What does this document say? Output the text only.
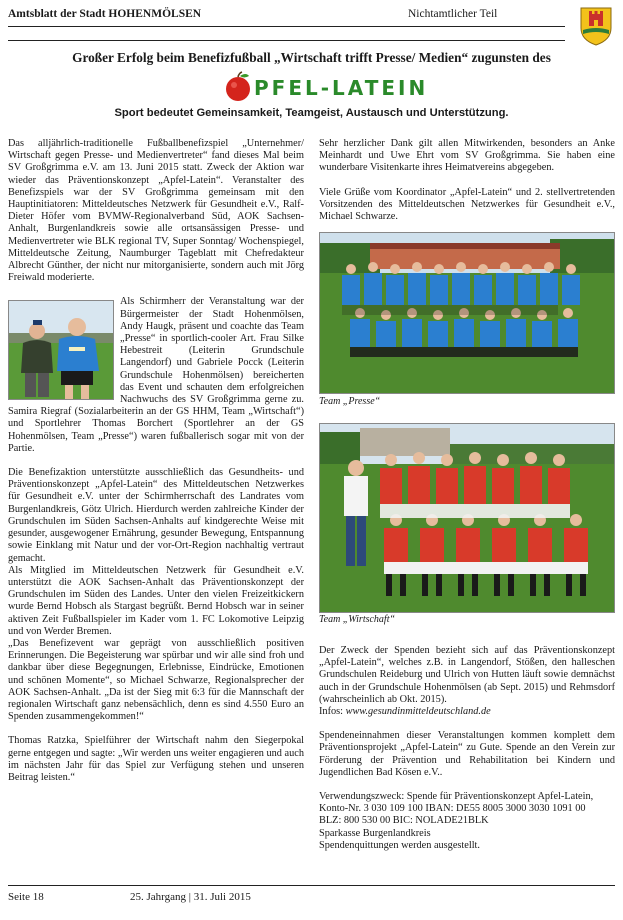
Amtsblatt der Stadt HOHENMÖLSEN	Nichtamtlicher Teil
Großer Erfolg beim Benefizfußball „Wirtschaft trifft Presse/ Medien“ zugunsten des
PFEL-LATEIN
Sport bedeutet Gemeinsamkeit, Teamgeist, Austausch und Unterstützung.

Das alljährlich-traditionelle Fußballbenefizspiel „Unternehmer/ Wirtschaft gegen Presse- und Medienvertreter“ fand dieses Mal beim SV Großgrimma e.V. am 13. Juni 2015 statt. Zweck der Aktion war wieder das Präventionskonzept „Apfel-Latein“. Veranstalter des Benefizspiels war der SV Großgrimma gemeinsam mit den Hauptinitiatoren: Mitteldeutsches Netzwerk für Gesundheit e.V., Ralf-Dieter Höfer vom BVMW-Regionalverband Süd, AOK Sachsen-Anhalt, Burgenlandkreis sowie alle ortsansässigen Presse- und Medienvertreter wie BLK regional TV, Super Sonntag/ Wochenspiegel, Mitteldeutsche Zeitung, Naumburger Tageblatt mit Chefredakteur Albrecht Günther, der nicht nur mitorganisierte, sondern auch mit Jörg Freiwald moderierte.

Als Schirmherr der Veranstaltung war der Bürgermeister der Stadt Hohenmölsen, Andy Haugk, präsent und coachte das Team „Presse“ in sportlich-cooler Art. Frau Silke Hebestreit (Leiterin Grundschule Langendorf) und Gabriele Pocck (Leiterin Grundschule Hohenmölsen) bereicherten das Event und schauten dem erfolgreichen Nachwuchs des SV Großgrimma gerne zu. Samira Riegraf (Sozialarbeiterin an der GS HHM, Team „Wirtschaft“) und Sportlehrer Thomas Borchert (Sportlehrer an der GS Hohenmölsen, Team „Presse“) waren fußballerisch sogar mit von der Partie.

Die Benefizaktion unterstützte ausschließlich das Gesundheits- und Präventionskonzept „Apfel-Latein“ des Mitteldeutschen Netzwerkes für Gesundheit e.V. unter der Schirmherrschaft des Landrates vom Burgenlandkreis, Götz Ulrich. Hierdurch werden zahlreiche Kinder der Grundschulen im Süden Sachsen-Anhalts auf kindgerechte Weise mit gesunder, ausgewogener Ernährung, gesunder Bewegung, Entspannung sowie Einklang mit Natur und der vor-Ort-Region nachhaltig vertraut gemacht.

Als Mitglied im Mitteldeutschen Netzwerk für Gesundheit e.V. unterstützt die AOK Sachsen-Anhalt das Präventionskonzept der Grundschulen im Süden des Landes. Unter den vielen Freizeitkickern wurde Bernd Hobsch als Stargast begrüßt. Bernd Hobsch war in seiner aktiven Zeit Fußballspieler im Kader vom 1. FC Lokomotive Leipzig und von Werder Bremen.

„Das Benefizevent war geprägt von ausschließlich positiven Erinnerungen. Die Begeisterung war spürbar und wir alle sind froh und dankbar über diese Begegnungen, Erlebnisse, Eindrücke, Emotionen und schönen Momente“, so Michael Schwarze, Regionalsprecher der AOK Sachsen-Anhalt. „Da ist der Sieg mit 6:3 für die Mannschaft der regionalen Wirtschaft ganz nebensächlich, denn es sind 4.550 Euro an Spenden zusammengekommen!“

Thomas Ratzka, Spielführer der Wirtschaft nahm den Siegerpokal gerne entgegen und sagte: „Wir werden uns weiter engagieren und auch im nächsten Jahr für das Spiel zur Verfügung stehen und unseren Beitrag leisten.“

Sehr herzlicher Dank gilt allen Mitwirkenden, besonders an Anke Meinhardt und Uwe Ehrt vom SV Großgrimma. Sie haben eine wunderbare Visitenkarte ihres Heimatvereins abgegeben.

Viele Grüße vom Koordinator „Apfel-Latein“ und 2. stellvertretenden Vorsitzenden des Mitteldeutschen Netzwerkes für Gesundheit e.V., Michael Schwarze.

Team „Presse“
Team „Wirtschaft“

Der Zweck der Spenden bezieht sich auf das Präventionskonzept „Apfel-Latein“, welches z.B. in Langendorf, Stößen, den halleschen Grundschulen Reideburg und Ulrich von Hutten läuft sowie demnächst auch in der Grundschule Hohenmölsen (ab Sept. 2015) und Rehmsdorf (wahrscheinlich ab Okt. 2015).

Infos: www.gesundinmitteldeutschland.de

Spendeneinnahmen dieser Veranstaltungen kommen komplett dem Präventionsprojekt „Apfel-Latein“ zu Gute. Spende an den Verein zur Förderung der Prävention und Rehabilitation bei Kindern und Jugendlichen Bad Kösen e.V..

Verwendungszweck: Spende für Präventionskonzept Apfel-Latein,
Konto-Nr. 3 030 109 100 IBAN: DE55 8005 3000 3030 1091 00
BLZ: 800 530 00 BIC: NOLADE21BLK
Sparkasse Burgenlandkreis
Spendenquittungen werden ausgestellt.
Seite 18	25. Jahrgang | 31. Juli 2015
